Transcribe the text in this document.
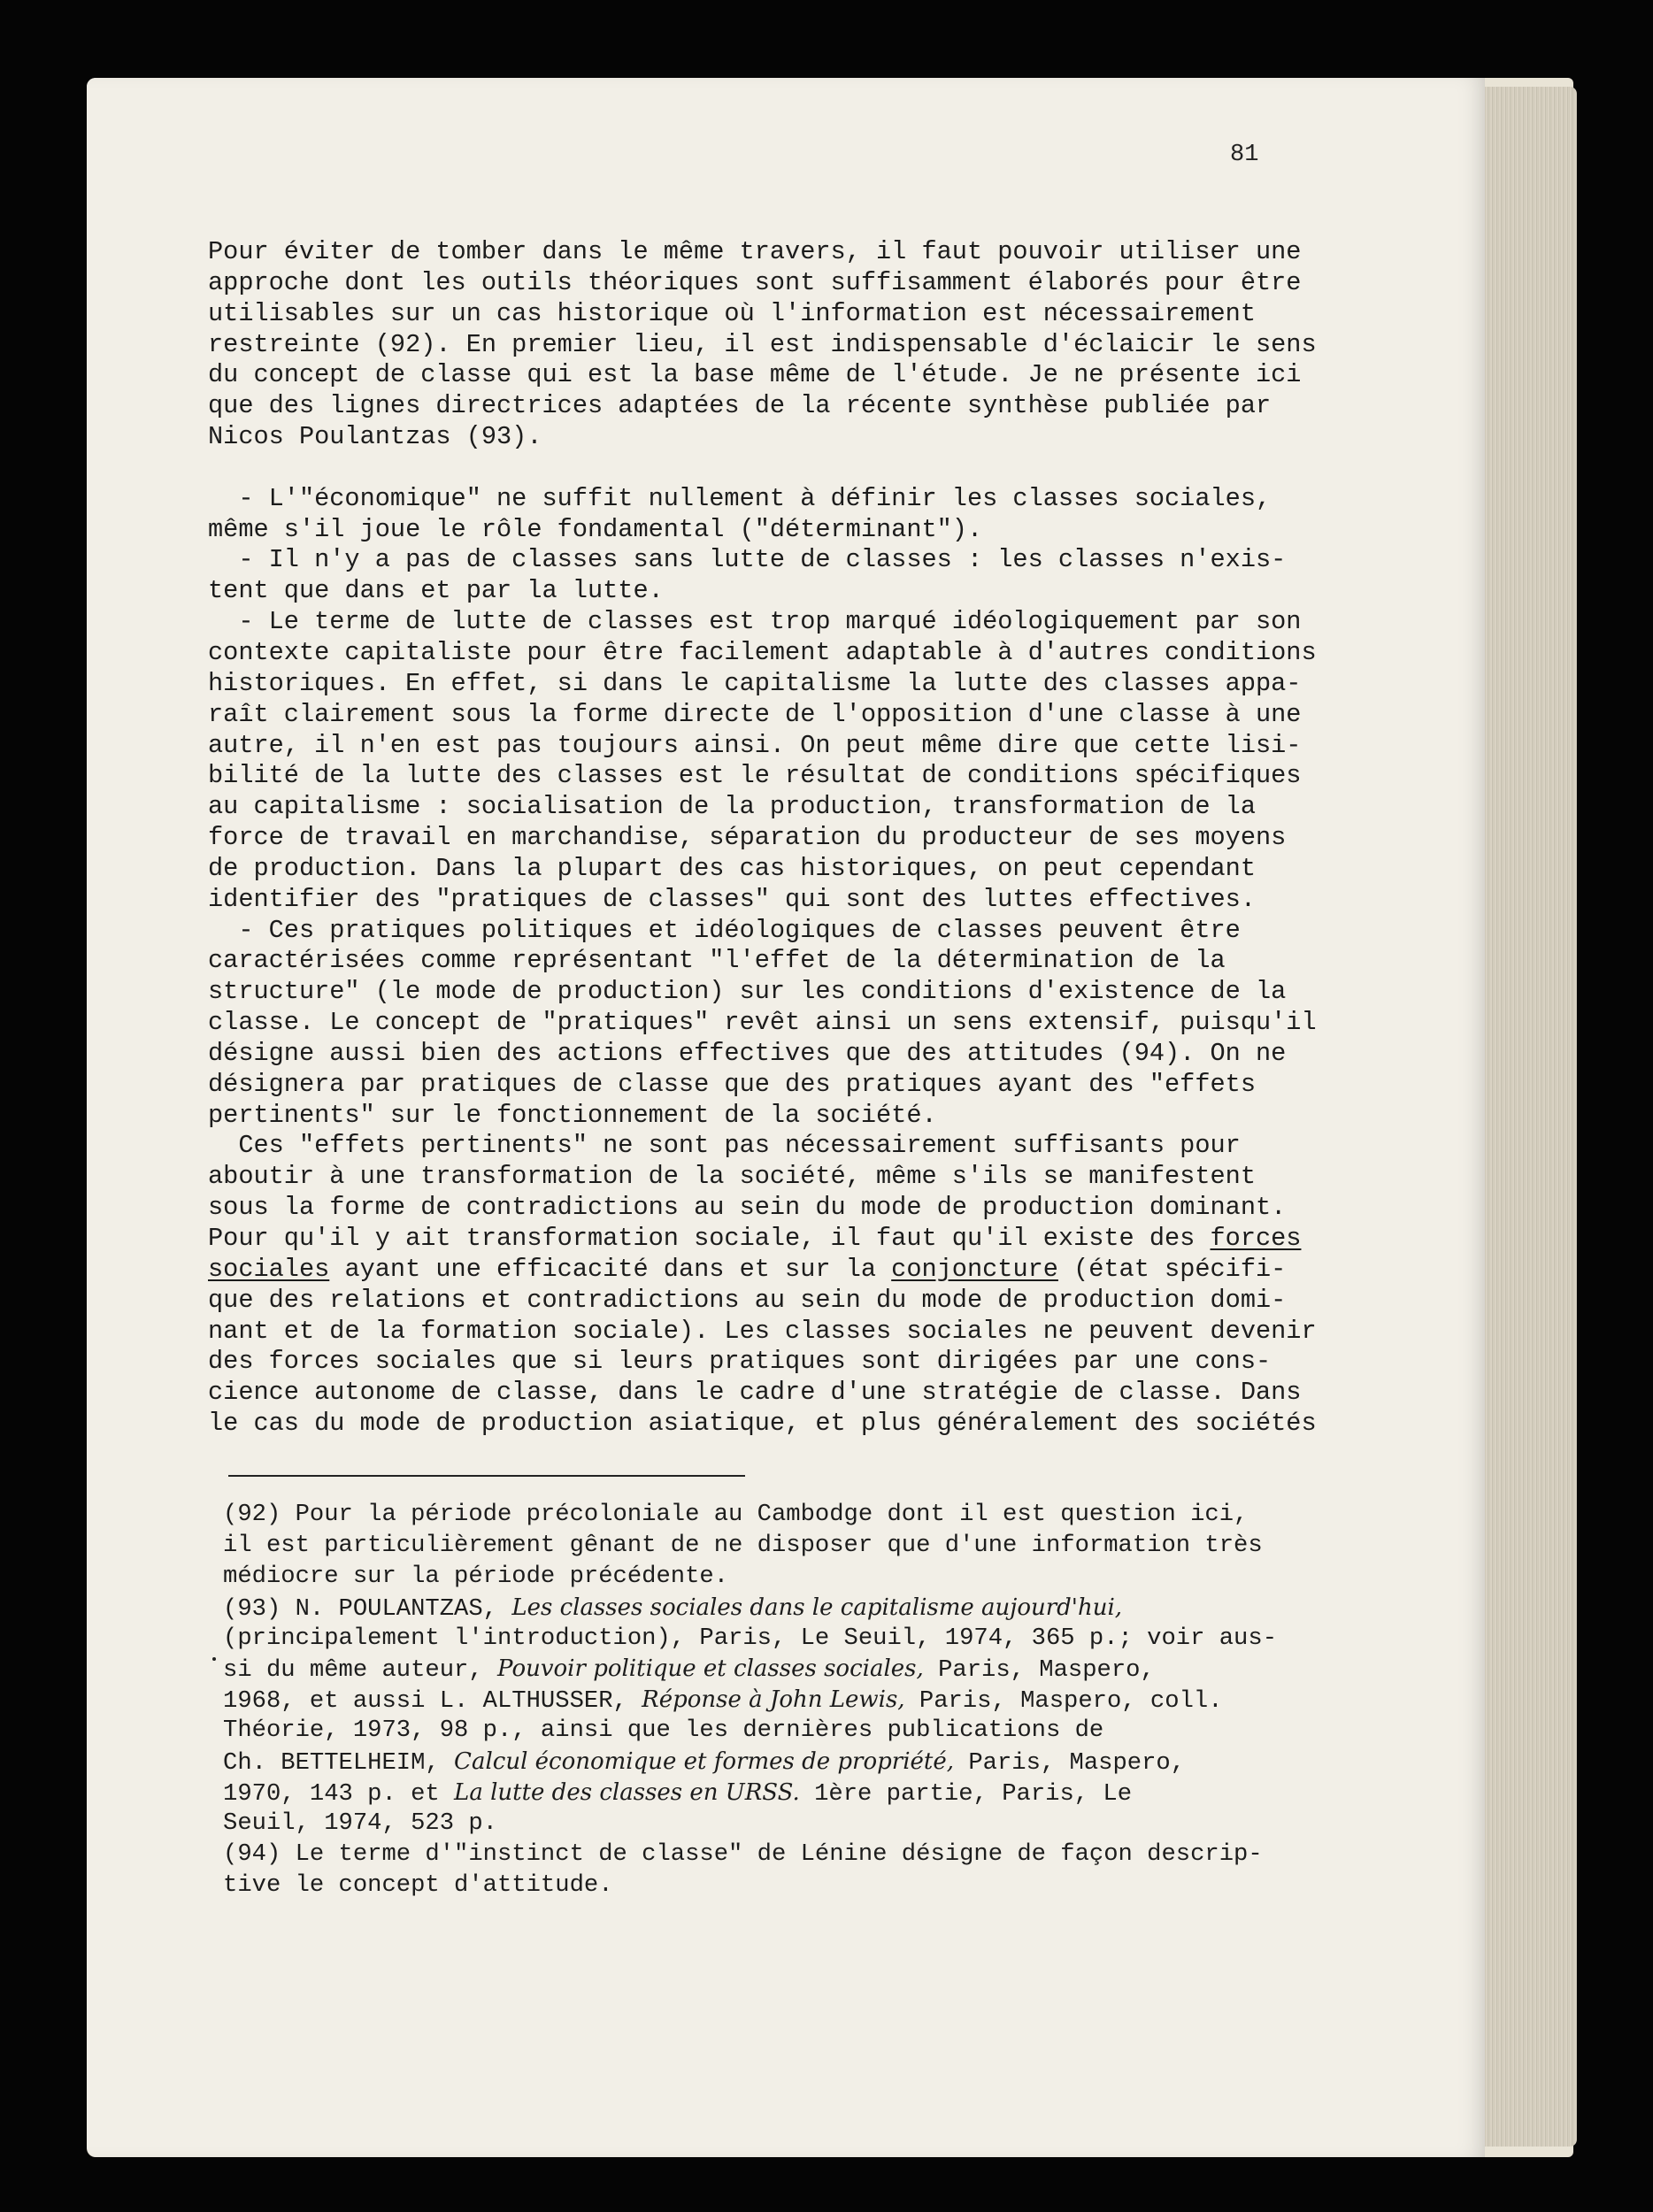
81
Pour éviter de tomber dans le même travers, il faut pouvoir utiliser une
approche dont les outils théoriques sont suffisamment élaborés pour être
utilisables sur un cas historique où l'information est nécessairement
restreinte (92). En premier lieu, il est indispensable d'éclaicir le sens
du concept de classe qui est la base même de l'étude. Je ne présente ici
que des lignes directrices adaptées de la récente synthèse publiée par
Nicos Poulantzas (93).
- L'"économique" ne suffit nullement à définir les classes sociales,
même s'il joue le rôle fondamental ("déterminant").
- Il n'y a pas de classes sans lutte de classes : les classes n'exis-
tent que dans et par la lutte.
- Le terme de lutte de classes est trop marqué idéologiquement par son
contexte capitaliste pour être facilement adaptable à d'autres conditions
historiques. En effet, si dans le capitalisme la lutte des classes appa-
raît clairement sous la forme directe de l'opposition d'une classe à une
autre, il n'en est pas toujours ainsi. On peut même dire que cette lisi-
bilité de la lutte des classes est le résultat de conditions spécifiques
au capitalisme : socialisation de la production, transformation de la
force de travail en marchandise, séparation du producteur de ses moyens
de production. Dans la plupart des cas historiques, on peut cependant
identifier des "pratiques de classes" qui sont des luttes effectives.
- Ces pratiques politiques et idéologiques de classes peuvent être
caractérisées comme représentant "l'effet de la détermination de la
structure" (le mode de production) sur les conditions d'existence de la
classe. Le concept de "pratiques" revêt ainsi un sens extensif, puisqu'il
désigne aussi bien des actions effectives que des attitudes (94). On ne
désignera par pratiques de classe que des pratiques ayant des "effets
pertinents" sur le fonctionnement de la société.
Ces "effets pertinents" ne sont pas nécessairement suffisants pour
aboutir à une transformation de la société, même s'ils se manifestent
sous la forme de contradictions au sein du mode de production dominant.
Pour qu'il y ait transformation sociale, il faut qu'il existe des forces
sociales ayant une efficacité dans et sur la conjoncture (état spécifi-
que des relations et contradictions au sein du mode de production domi-
nant et de la formation sociale). Les classes sociales ne peuvent devenir
des forces sociales que si leurs pratiques sont dirigées par une cons-
cience autonome de classe, dans le cadre d'une stratégie de classe. Dans
le cas du mode de production asiatique, et plus généralement des sociétés
(92) Pour la période précoloniale au Cambodge dont il est question ici,
il est particulièrement gênant de ne disposer que d'une information très
médiocre sur la période précédente.
(93) N. POULANTZAS, Les classes sociales dans le capitalisme aujourd'hui,
(principalement l'introduction), Paris, Le Seuil, 1974, 365 p.; voir aus-
si du même auteur, Pouvoir politique et classes sociales, Paris, Maspero,
1968, et aussi L. ALTHUSSER, Réponse à John Lewis, Paris, Maspero, coll.
Théorie, 1973, 98 p., ainsi que les dernières publications de
Ch. BETTELHEIM, Calcul économique et formes de propriété, Paris, Maspero,
1970, 143 p. et La lutte des classes en URSS. 1ère partie, Paris, Le
Seuil, 1974, 523 p.
(94) Le terme d'"instinct de classe" de Lénine désigne de façon descrip-
tive le concept d'attitude.
